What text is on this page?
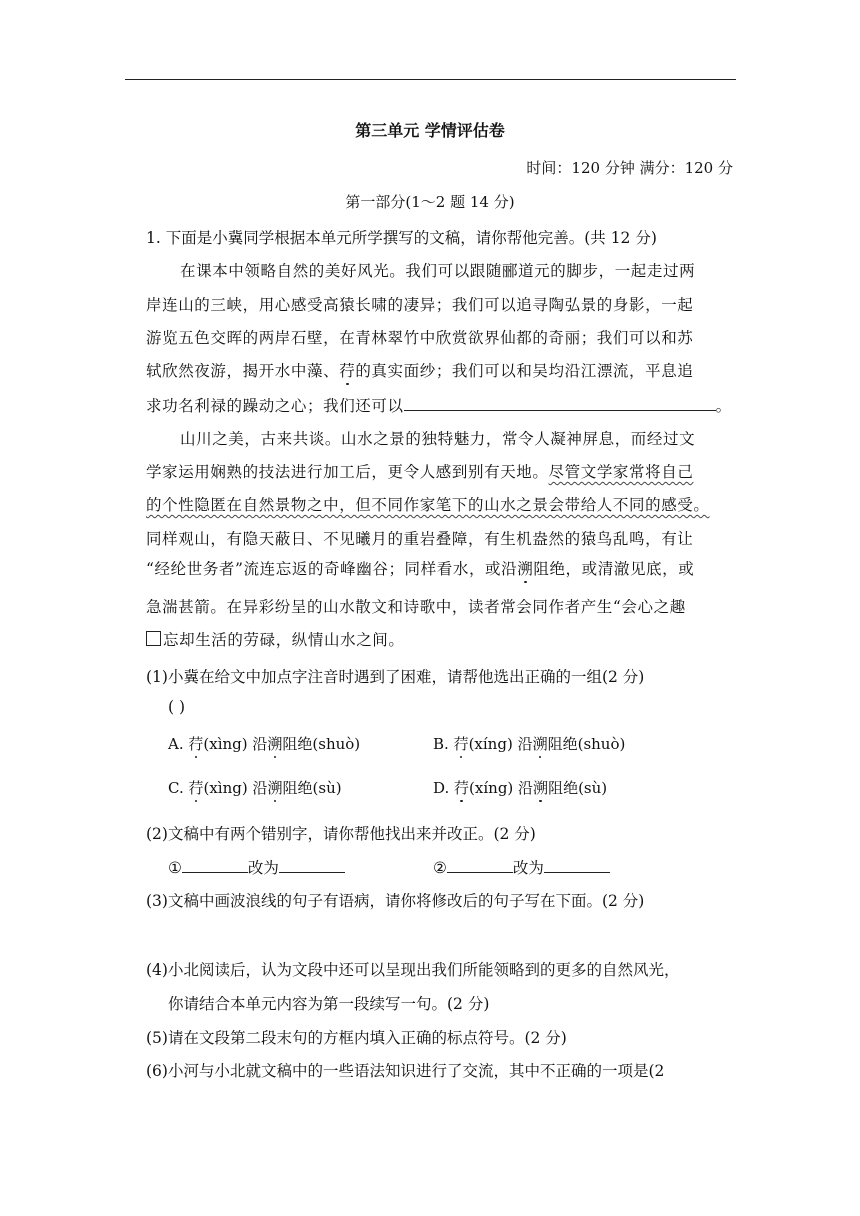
第三单元 学情评估卷
时间：120 分钟 满分：120 分
第一部分(1～2 题 14 分)
1. 下面是小冀同学根据本单元所学撰写的文稿，请你帮他完善。(共 12 分)
在课本中领略自然的美好风光。我们可以跟随郦道元的脚步，一起走过两
岸连山的三峡，用心感受高猿长啸的凄异；我们可以追寻陶弘景的身影，一起
游览五色交晖的两岸石壁，在青林翠竹中欣赏欲界仙都的奇丽；我们可以和苏
轼欣然夜游，揭开水中藻、荇的真实面纱；我们可以和吴均沿江漂流，平息追
求功名利禄的躁动之心；我们还可以	。
山川之美，古来共谈。山水之景的独特魅力，常令人凝神屏息，而经过文
学家运用娴熟的技法进行加工后，更令人感到别有天地。尽管文学家常将自己
的个性隐匿在自然景物之中，但不同作家笔下的山水之景会带给人不同的感受。
同样观山，有隐天蔽日、不见曦月的重岩叠障，有生机盎然的猿鸟乱鸣，有让
“经纶世务者”流连忘返的奇峰幽谷；同样看水，或沿溯阻绝，或清澈见底，或
急湍甚箭。在异彩纷呈的山水散文和诗歌中，读者常会同作者产生“会心之趣
忘却生活的劳碌，纵情山水之间。
(1)小冀在给文中加点字注音时遇到了困难，请帮他选出正确的一组(2 分)
( )
A. 荇(xìng) 沿溯阻绝(shuò)	B. 荇(xíng) 沿溯阻绝(shuò)
C. 荇(xìng) 沿溯阻绝(sù)	D. 荇(xíng) 沿溯阻绝(sù)
(2)文稿中有两个错别字，请你帮他找出来并改正。(2 分)
①	改为	②	改为
(3)文稿中画波浪线的句子有语病，请你将修改后的句子写在下面。(2 分)
(4)小北阅读后，认为文段中还可以呈现出我们所能领略到的更多的自然风光，
你请结合本单元内容为第一段续写一句。(2 分)
(5)请在文段第二段末句的方框内填入正确的标点符号。(2 分)
(6)小河与小北就文稿中的一些语法知识进行了交流，其中不正确的一项是(2
